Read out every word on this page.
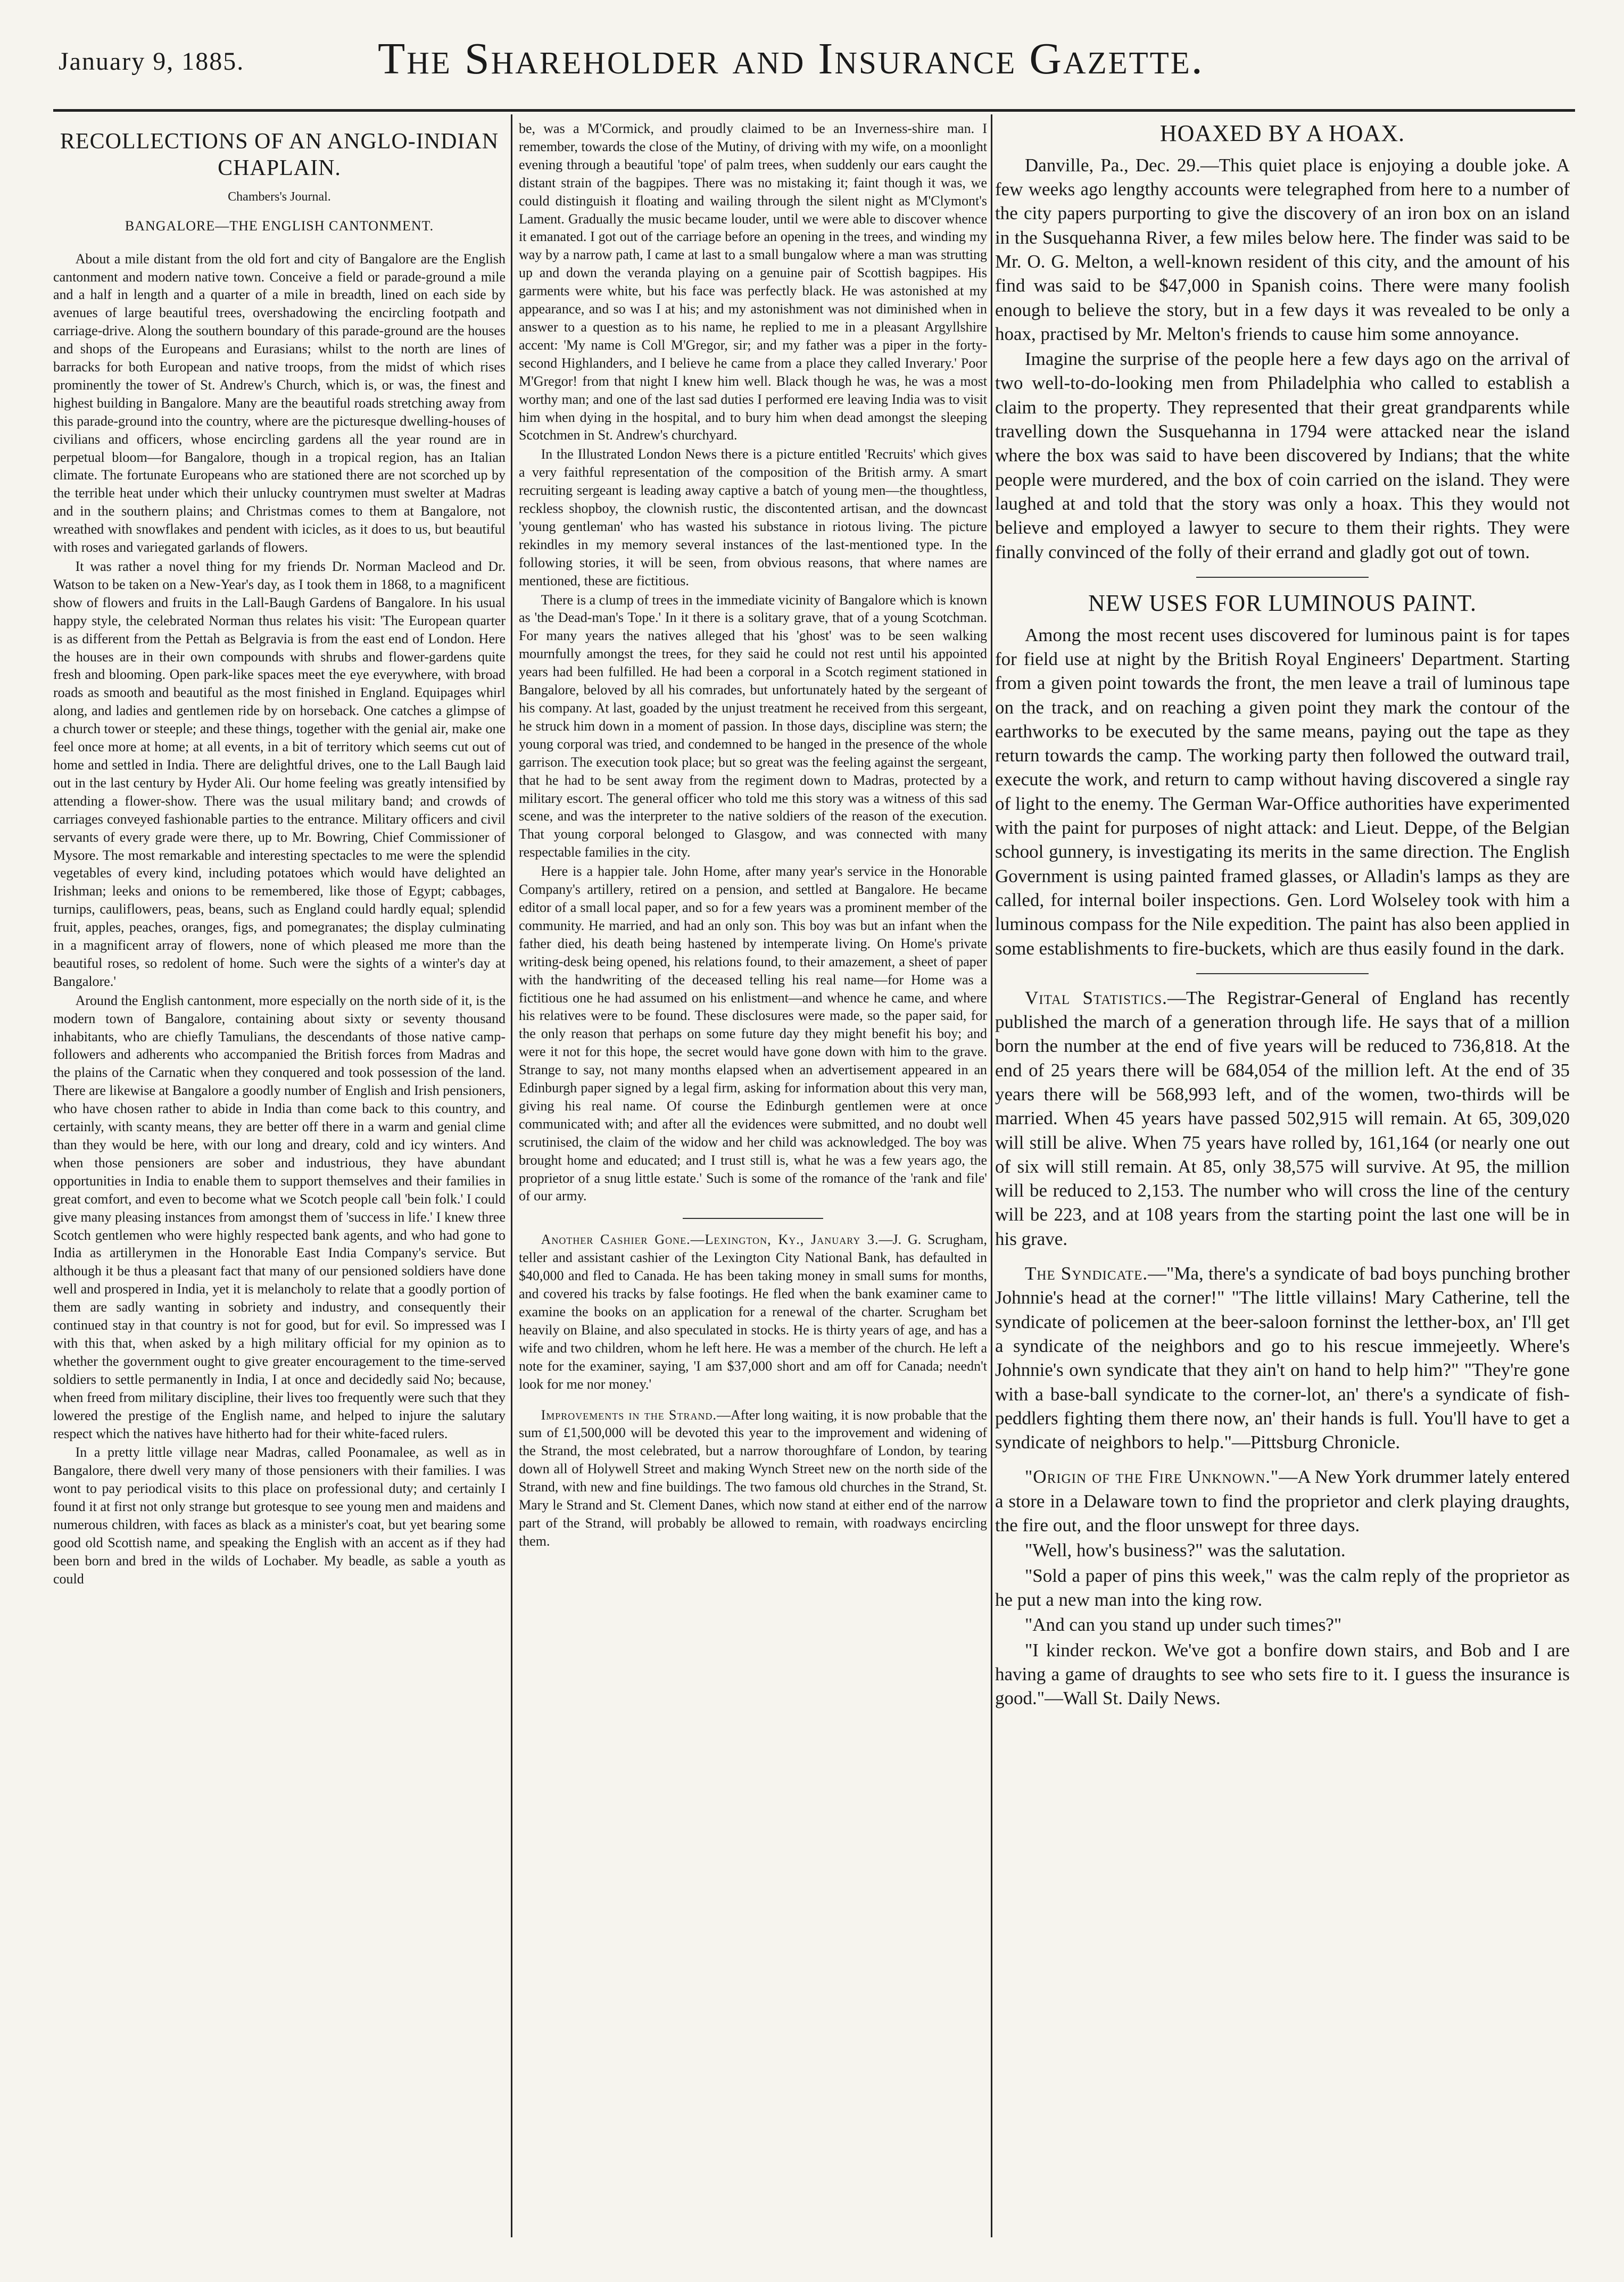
January 9, 1885.	The Shareholder and Insurance Gazette.
RECOLLECTIONS OF AN ANGLO-INDIAN CHAPLAIN.
Chambers's Journal.
BANGALORE—THE ENGLISH CANTONMENT.

About a mile distant from the old fort and city of Bangalore are the English cantonment and modern native town. Conceive a field or parade-ground a mile and a half in length and a quarter of a mile in breadth, lined on each side by avenues of large beautiful trees, overshadowing the encircling footpath and carriage-drive. Along the southern boundary of this parade-ground are the houses and shops of the Europeans and Eurasians; whilst to the north are lines of barracks for both European and native troops, from the midst of which rises prominently the tower of St. Andrew's Church, which is, or was, the finest and highest building in Bangalore. Many are the beautiful roads stretching away from this parade-ground into the country, where are the picturesque dwelling-houses of civilians and officers, whose encircling gardens all the year round are in perpetual bloom—for Bangalore, though in a tropical region, has an Italian climate. The fortunate Europeans who are stationed there are not scorched up by the terrible heat under which their unlucky countrymen must swelter at Madras and in the southern plains; and Christmas comes to them at Bangalore, not wreathed with snowflakes and pendent with icicles, as it does to us, but beautiful with roses and variegated garlands of flowers.

It was rather a novel thing for my friends Dr. Norman Macleod and Dr. Watson to be taken on a New-Year's day, as I took them in 1868, to a magnificent show of flowers and fruits in the Lall-Baugh Gardens of Bangalore. In his usual happy style, the celebrated Norman thus relates his visit: 'The European quarter is as different from the Pettah as Belgravia is from the east end of London. Here the houses are in their own compounds with shrubs and flower-gardens quite fresh and blooming. Open park-like spaces meet the eye everywhere, with broad roads as smooth and beautiful as the most finished in England. Equipages whirl along, and ladies and gentlemen ride by on horseback. One catches a glimpse of a church tower or steeple; and these things, together with the genial air, make one feel once more at home; at all events, in a bit of territory which seems cut out of home and settled in India. There are delightful drives, one to the Lall Baugh laid out in the last century by Hyder Ali. Our home feeling was greatly intensified by attending a flower-show. There was the usual military band; and crowds of carriages conveyed fashionable parties to the entrance. Military officers and civil servants of every grade were there, up to Mr. Bowring, Chief Commissioner of Mysore. The most remarkable and interesting spectacles to me were the splendid vegetables of every kind, including potatoes which would have delighted an Irishman; leeks and onions to be remembered, like those of Egypt; cabbages, turnips, cauliflowers, peas, beans, such as England could hardly equal; splendid fruit, apples, peaches, oranges, figs, and pomegranates; the display culminating in a magnificent array of flowers, none of which pleased me more than the beautiful roses, so redolent of home. Such were the sights of a winter's day at Bangalore.'

Around the English cantonment, more especially on the north side of it, is the modern town of Bangalore, containing about sixty or seventy thousand inhabitants, who are chiefly Tamulians, the descendants of those native camp-followers and adherents who accompanied the British forces from Madras and the plains of the Carnatic when they conquered and took possession of the land. There are likewise at Bangalore a goodly number of English and Irish pensioners, who have chosen rather to abide in India than come back to this country, and certainly, with scanty means, they are better off there in a warm and genial clime than they would be here, with our long and dreary, cold and icy winters. And when those pensioners are sober and industrious, they have abundant opportunities in India to enable them to support themselves and their families in great comfort, and even to become what we Scotch people call 'bein folk.' I could give many pleasing instances from amongst them of 'success in life.' I knew three Scotch gentlemen who were highly respected bank agents, and who had gone to India as artillerymen in the Honorable East India Company's service. But although it be thus a pleasant fact that many of our pensioned soldiers have done well and prospered in India, yet it is melancholy to relate that a goodly portion of them are sadly wanting in sobriety and industry, and consequently their continued stay in that country is not for good, but for evil. So impressed was I with this that, when asked by a high military official for my opinion as to whether the government ought to give greater encouragement to the time-served soldiers to settle permanently in India, I at once and decidedly said No; because, when freed from military discipline, their lives too frequently were such that they lowered the prestige of the English name, and helped to injure the salutary respect which the natives have hitherto had for their white-faced rulers.

In a pretty little village near Madras, called Poonamalee, as well as in Bangalore, there dwell very many of those pensioners with their families. I was wont to pay periodical visits to this place on professional duty; and certainly I found it at first not only strange but grotesque to see young men and maidens and numerous children, with faces as black as a minister's coat, but yet bearing some good old Scottish name, and speaking the English with an accent as if they had been born and bred in the wilds of Lochaber. My beadle, as sable a youth as could

be, was a M'Cormick, and proudly claimed to be an Inverness-shire man. I remember, towards the close of the Mutiny, of driving with my wife, on a moonlight evening through a beautiful 'tope' of palm trees, when suddenly our ears caught the distant strain of the bagpipes. There was no mistaking it; faint though it was, we could distinguish it floating and wailing through the silent night as M'Clymont's Lament. Gradually the music became louder, until we were able to discover whence it emanated. I got out of the carriage before an opening in the trees, and winding my way by a narrow path, I came at last to a small bungalow where a man was strutting up and down the veranda playing on a genuine pair of Scottish bagpipes. His garments were white, but his face was perfectly black. He was astonished at my appearance, and so was I at his; and my astonishment was not diminished when in answer to a question as to his name, he replied to me in a pleasant Argyllshire accent: 'My name is Coll M'Gregor, sir; and my father was a piper in the forty-second Highlanders, and I believe he came from a place they called Inverary.' Poor M'Gregor! from that night I knew him well. Black though he was, he was a most worthy man; and one of the last sad duties I performed ere leaving India was to visit him when dying in the hospital, and to bury him when dead amongst the sleeping Scotchmen in St. Andrew's churchyard.

In the Illustrated London News there is a picture entitled 'Recruits' which gives a very faithful representation of the composition of the British army. A smart recruiting sergeant is leading away captive a batch of young men—the thoughtless, reckless shopboy, the clownish rustic, the discontented artisan, and the downcast 'young gentleman' who has wasted his substance in riotous living. The picture rekindles in my memory several instances of the last-mentioned type. In the following stories, it will be seen, from obvious reasons, that where names are mentioned, these are fictitious.

There is a clump of trees in the immediate vicinity of Bangalore which is known as 'the Dead-man's Tope.' In it there is a solitary grave, that of a young Scotchman. For many years the natives alleged that his 'ghost' was to be seen walking mournfully amongst the trees, for they said he could not rest until his appointed years had been fulfilled. He had been a corporal in a Scotch regiment stationed in Bangalore, beloved by all his comrades, but unfortunately hated by the sergeant of his company. At last, goaded by the unjust treatment he received from this sergeant, he struck him down in a moment of passion. In those days, discipline was stern; the young corporal was tried, and condemned to be hanged in the presence of the whole garrison. The execution took place; but so great was the feeling against the sergeant, that he had to be sent away from the regiment down to Madras, protected by a military escort. The general officer who told me this story was a witness of this sad scene, and was the interpreter to the native soldiers of the reason of the execution. That young corporal belonged to Glasgow, and was connected with many respectable families in the city.

Here is a happier tale. John Home, after many year's service in the Honorable Company's artillery, retired on a pension, and settled at Bangalore. He became editor of a small local paper, and so for a few years was a prominent member of the community. He married, and had an only son. This boy was but an infant when the father died, his death being hastened by intemperate living. On Home's private writing-desk being opened, his relations found, to their amazement, a sheet of paper with the handwriting of the deceased telling his real name—for Home was a fictitious one he had assumed on his enlistment—and whence he came, and where his relatives were to be found. These disclosures were made, so the paper said, for the only reason that perhaps on some future day they might benefit his boy; and were it not for this hope, the secret would have gone down with him to the grave. Strange to say, not many months elapsed when an advertisement appeared in an Edinburgh paper signed by a legal firm, asking for information about this very man, giving his real name. Of course the Edinburgh gentlemen were at once communicated with; and after all the evidences were submitted, and no doubt well scrutinised, the claim of the widow and her child was acknowledged. The boy was brought home and educated; and I trust still is, what he was a few years ago, the proprietor of a snug little estate.' Such is some of the romance of the 'rank and file' of our army.

Another Cashier Gone.—Lexington, Ky., January 3.—J. G. Scrugham, teller and assistant cashier of the Lexington City National Bank, has defaulted in $40,000 and fled to Canada. He has been taking money in small sums for months, and covered his tracks by false footings. He fled when the bank examiner came to examine the books on an application for a renewal of the charter. Scrugham bet heavily on Blaine, and also speculated in stocks. He is thirty years of age, and has a wife and two children, whom he left here. He was a member of the church. He left a note for the examiner, saying, 'I am $37,000 short and am off for Canada; needn't look for me nor money.'

Improvements in the Strand.—After long waiting, it is now probable that the sum of £1,500,000 will be devoted this year to the improvement and widening of the Strand, the most celebrated, but a narrow thoroughfare of London, by tearing down all of Holywell Street and making Wynch Street new on the north side of the Strand, with new and fine buildings. The two famous old churches in the Strand, St. Mary le Strand and St. Clement Danes, which now stand at either end of the narrow part of the Strand, will probably be allowed to remain, with roadways encircling them.

HOAXED BY A HOAX.

Danville, Pa., Dec. 29.—This quiet place is enjoying a double joke. A few weeks ago lengthy accounts were telegraphed from here to a number of the city papers purporting to give the discovery of an iron box on an island in the Susquehanna River, a few miles below here. The finder was said to be Mr. O. G. Melton, a well-known resident of this city, and the amount of his find was said to be $47,000 in Spanish coins. There were many foolish enough to believe the story, but in a few days it was revealed to be only a hoax, practised by Mr. Melton's friends to cause him some annoyance.

Imagine the surprise of the people here a few days ago on the arrival of two well-to-do-looking men from Philadelphia who called to establish a claim to the property. They represented that their great grandparents while travelling down the Susquehanna in 1794 were attacked near the island where the box was said to have been discovered by Indians; that the white people were murdered, and the box of coin carried on the island. They were laughed at and told that the story was only a hoax. This they would not believe and employed a lawyer to secure to them their rights. They were finally convinced of the folly of their errand and gladly got out of town.

NEW USES FOR LUMINOUS PAINT.

Among the most recent uses discovered for luminous paint is for tapes for field use at night by the British Royal Engineers' Department. Starting from a given point towards the front, the men leave a trail of luminous tape on the track, and on reaching a given point they mark the contour of the earthworks to be executed by the same means, paying out the tape as they return towards the camp. The working party then followed the outward trail, execute the work, and return to camp without having discovered a single ray of light to the enemy. The German War-Office authorities have experimented with the paint for purposes of night attack: and Lieut. Deppe, of the Belgian school gunnery, is investigating its merits in the same direction. The English Government is using painted framed glasses, or Alladin's lamps as they are called, for internal boiler inspections. Gen. Lord Wolseley took with him a luminous compass for the Nile expedition. The paint has also been applied in some establishments to fire-buckets, which are thus easily found in the dark.

Vital Statistics.—The Registrar-General of England has recently published the march of a generation through life. He says that of a million born the number at the end of five years will be reduced to 736,818. At the end of 25 years there will be 684,054 of the million left. At the end of 35 years there will be 568,993 left, and of the women, two-thirds will be married. When 45 years have passed 502,915 will remain. At 65, 309,020 will still be alive. When 75 years have rolled by, 161,164 (or nearly one out of six will still remain. At 85, only 38,575 will survive. At 95, the million will be reduced to 2,153. The number who will cross the line of the century will be 223, and at 108 years from the starting point the last one will be in his grave.

The Syndicate.—"Ma, there's a syndicate of bad boys punching brother Johnnie's head at the corner!" "The little villains! Mary Catherine, tell the syndicate of policemen at the beer-saloon forninst the letther-box, an' I'll get a syndicate of the neighbors and go to his rescue immejeetly. Where's Johnnie's own syndicate that they ain't on hand to help him?" "They're gone with a base-ball syndicate to the corner-lot, an' there's a syndicate of fish-peddlers fighting them there now, an' their hands is full. You'll have to get a syndicate of neighbors to help."—Pittsburg Chronicle.

"Origin of the Fire Unknown."—A New York drummer lately entered a store in a Delaware town to find the proprietor and clerk playing draughts, the fire out, and the floor unswept for three days.

"Well, how's business?" was the salutation.

"Sold a paper of pins this week," was the calm reply of the proprietor as he put a new man into the king row.

"And can you stand up under such times?"

"I kinder reckon. We've got a bonfire down stairs, and Bob and I are having a game of draughts to see who sets fire to it. I guess the insurance is good."—Wall St. Daily News.
